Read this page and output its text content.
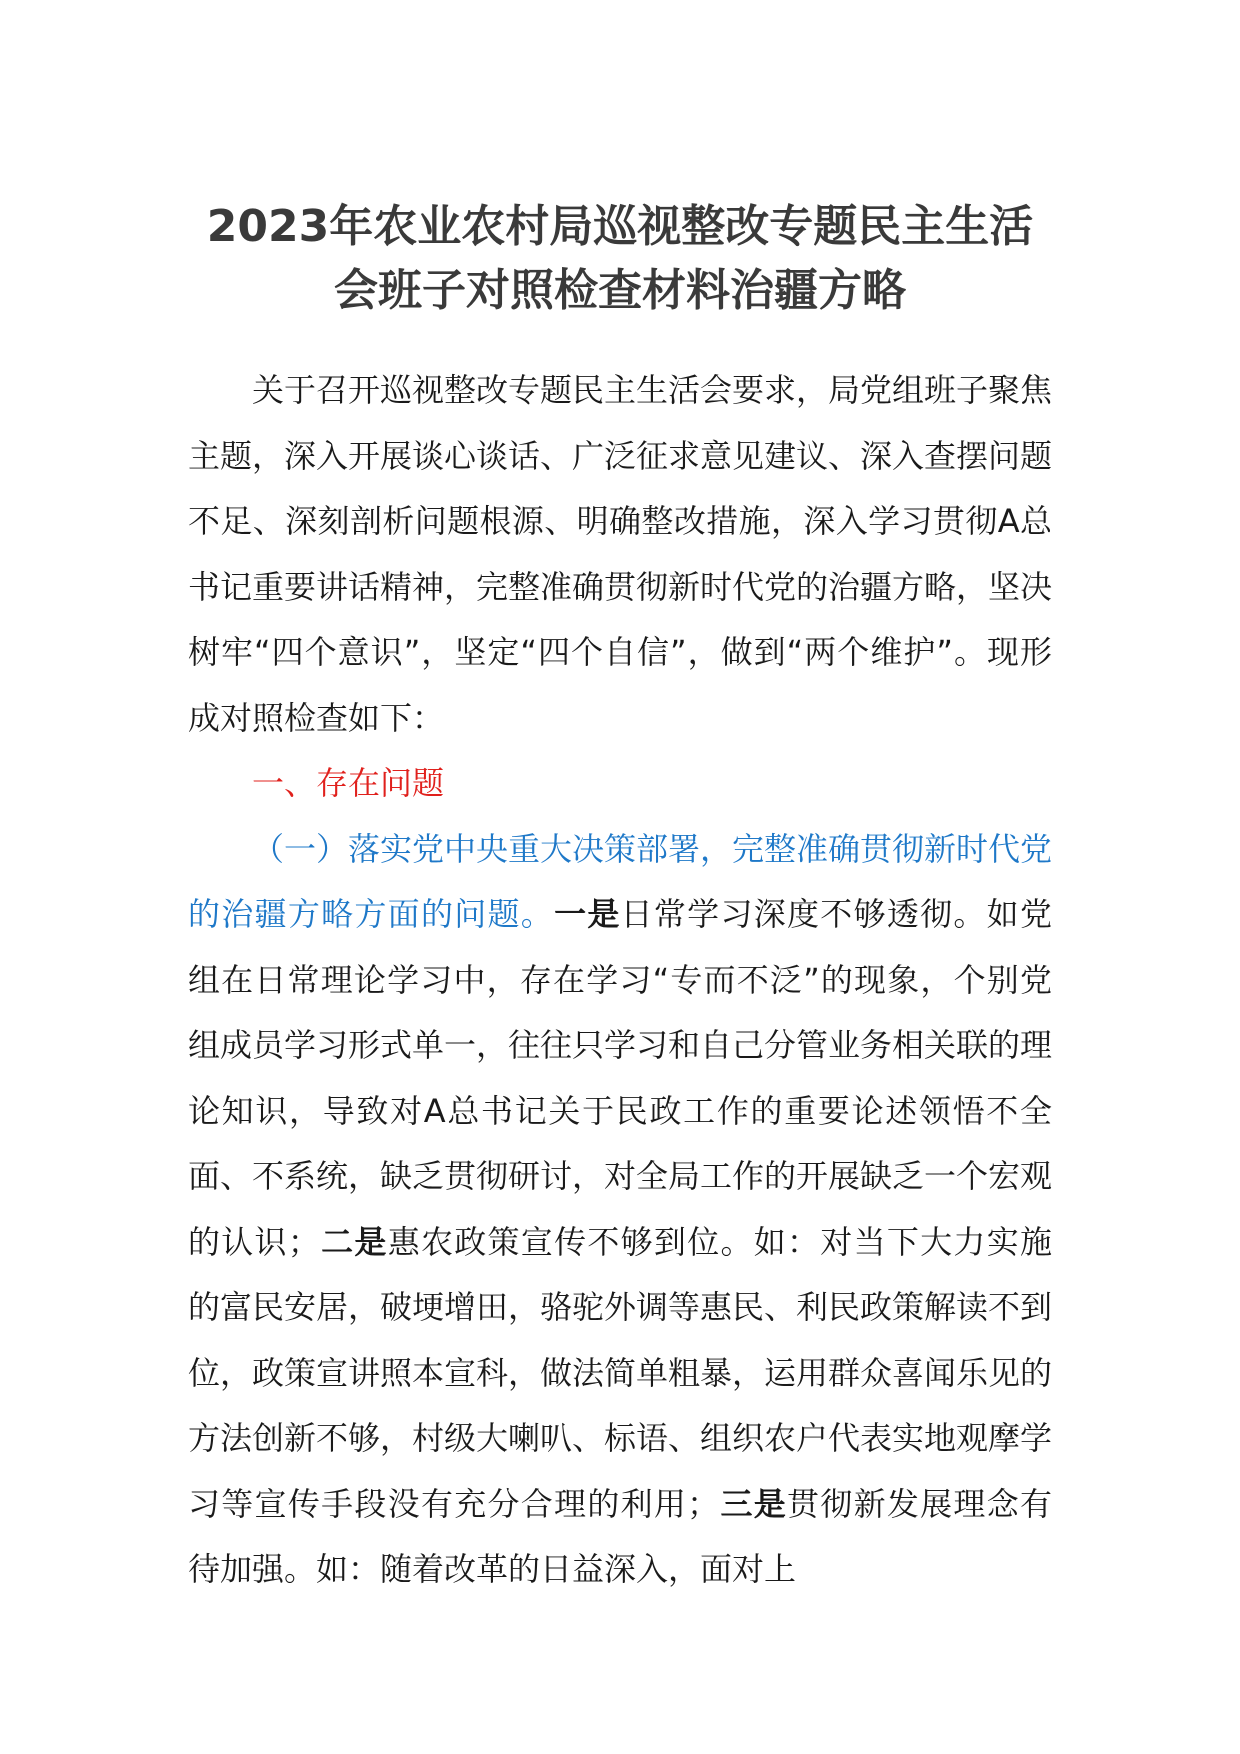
2023年农业农村局巡视整改专题民主生活
会班子对照检查材料治疆方略

关于召开巡视整改专题民主生活会要求，局党组班子聚焦主题，深入开展谈心谈话、广泛征求意见建议、深入查摆问题不足、深刻剖析问题根源、明确整改措施，深入学习贯彻A总书记重要讲话精神，完整准确贯彻新时代党的治疆方略，坚决树牢“四个意识”，坚定“四个自信”，做到“两个维护”。现形成对照检查如下：

一、存在问题

（一）落实党中央重大决策部署，完整准确贯彻新时代党的治疆方略方面的问题。一是日常学习深度不够透彻。如党组在日常理论学习中，存在学习“专而不泛”的现象，个别党组成员学习形式单一，往往只学习和自己分管业务相关联的理论知识，导致对A总书记关于民政工作的重要论述领悟不全面、不系统，缺乏贯彻研讨，对全局工作的开展缺乏一个宏观的认识；二是惠农政策宣传不够到位。如：对当下大力实施的富民安居，破埂增田，骆驼外调等惠民、利民政策解读不到位，政策宣讲照本宣科，做法简单粗暴，运用群众喜闻乐见的方法创新不够，村级大喇叭、标语、组织农户代表实地观摩学习等宣传手段没有充分合理的利用；三是贯彻新发展理念有待加强。如：随着改革的日益深入，面对上
